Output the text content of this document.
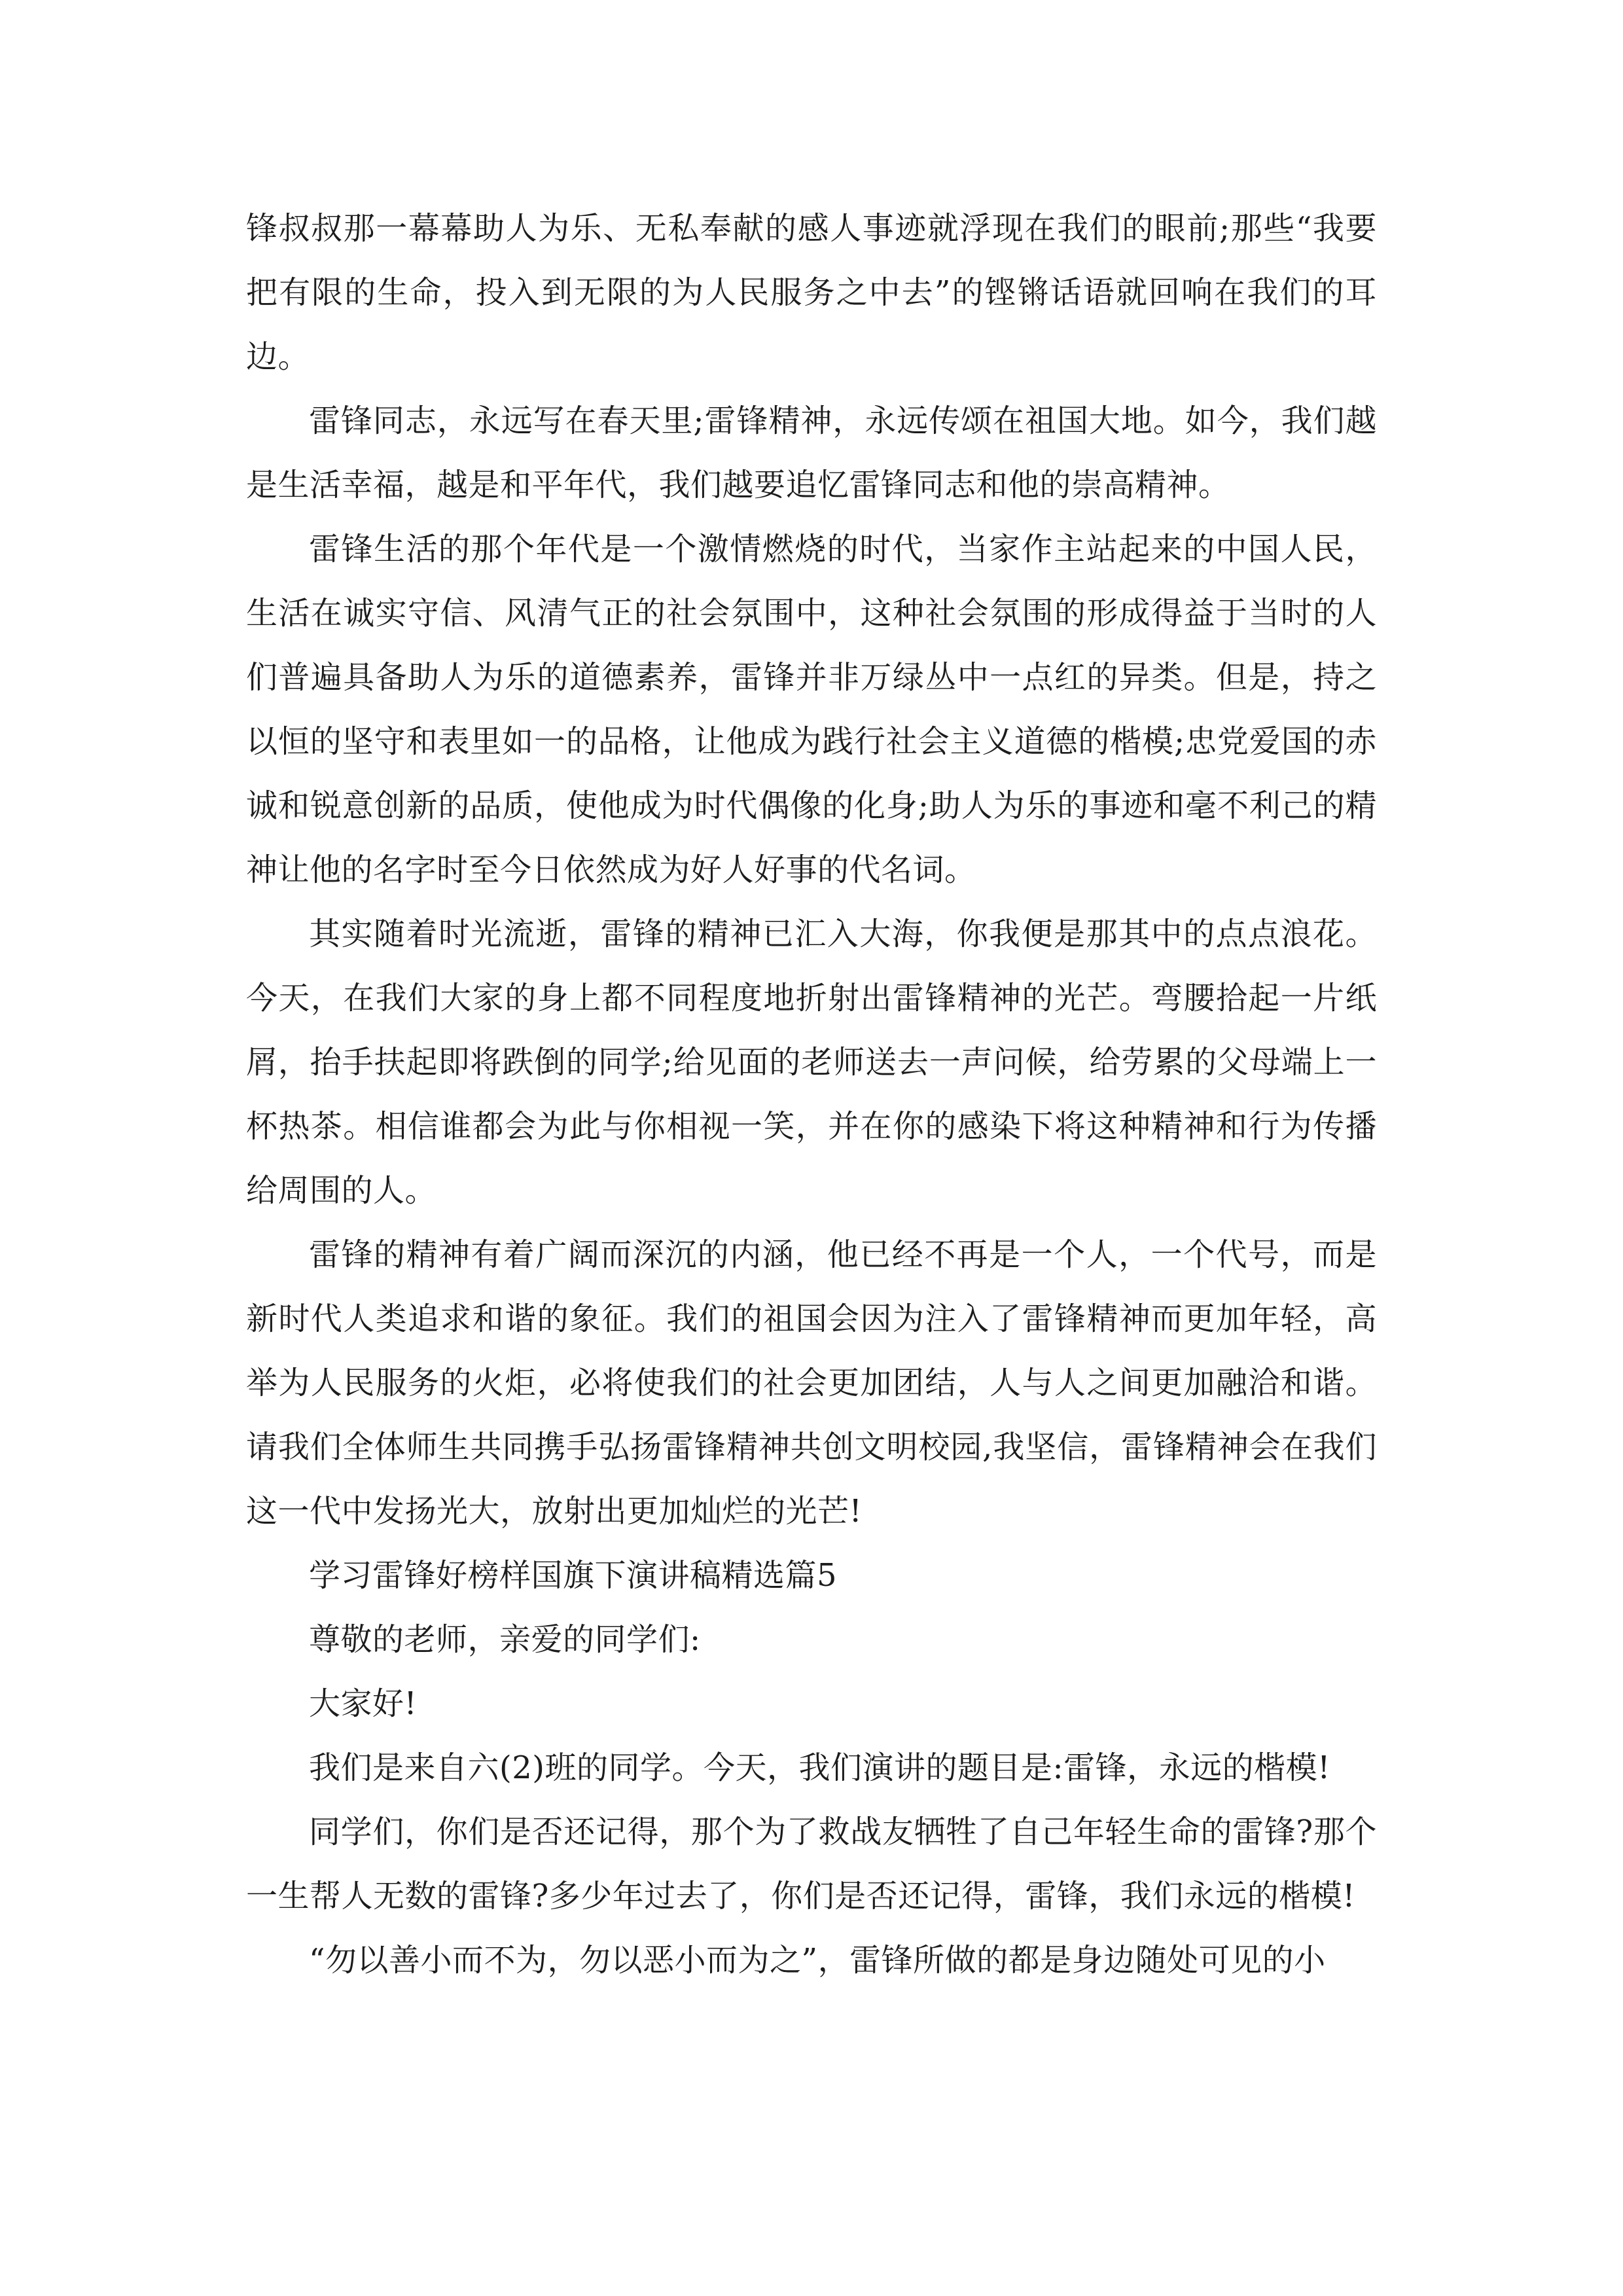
锋叔叔那一幕幕助人为乐、无私奉献的感人事迹就浮现在我们的眼前;那些“我要把有限的生命，投入到无限的为人民服务之中去”的铿锵话语就回响在我们的耳边。

雷锋同志，永远写在春天里;雷锋精神，永远传颂在祖国大地。如今，我们越是生活幸福，越是和平年代，我们越要追忆雷锋同志和他的崇高精神。

雷锋生活的那个年代是一个激情燃烧的时代，当家作主站起来的中国人民，生活在诚实守信、风清气正的社会氛围中，这种社会氛围的形成得益于当时的人们普遍具备助人为乐的道德素养，雷锋并非万绿丛中一点红的异类。但是，持之以恒的坚守和表里如一的品格，让他成为践行社会主义道德的楷模;忠党爱国的赤诚和锐意创新的品质，使他成为时代偶像的化身;助人为乐的事迹和毫不利己的精神让他的名字时至今日依然成为好人好事的代名词。

其实随着时光流逝，雷锋的精神已汇入大海，你我便是那其中的点点浪花。今天，在我们大家的身上都不同程度地折射出雷锋精神的光芒。弯腰拾起一片纸屑，抬手扶起即将跌倒的同学;给见面的老师送去一声问候，给劳累的父母端上一杯热茶。相信谁都会为此与你相视一笑，并在你的感染下将这种精神和行为传播给周围的人。

雷锋的精神有着广阔而深沉的内涵，他已经不再是一个人，一个代号，而是新时代人类追求和谐的象征。我们的祖国会因为注入了雷锋精神而更加年轻，高举为人民服务的火炬，必将使我们的社会更加团结，人与人之间更加融洽和谐。请我们全体师生共同携手弘扬雷锋精神共创文明校园,我坚信，雷锋精神会在我们这一代中发扬光大，放射出更加灿烂的光芒!

学习雷锋好榜样国旗下演讲稿精选篇5

尊敬的老师，亲爱的同学们:

大家好!

我们是来自六(2)班的同学。今天，我们演讲的题目是:雷锋，永远的楷模!

同学们，你们是否还记得，那个为了救战友牺牲了自己年轻生命的雷锋?那个一生帮人无数的雷锋?多少年过去了，你们是否还记得，雷锋，我们永远的楷模!

“勿以善小而不为，勿以恶小而为之”，雷锋所做的都是身边随处可见的小
